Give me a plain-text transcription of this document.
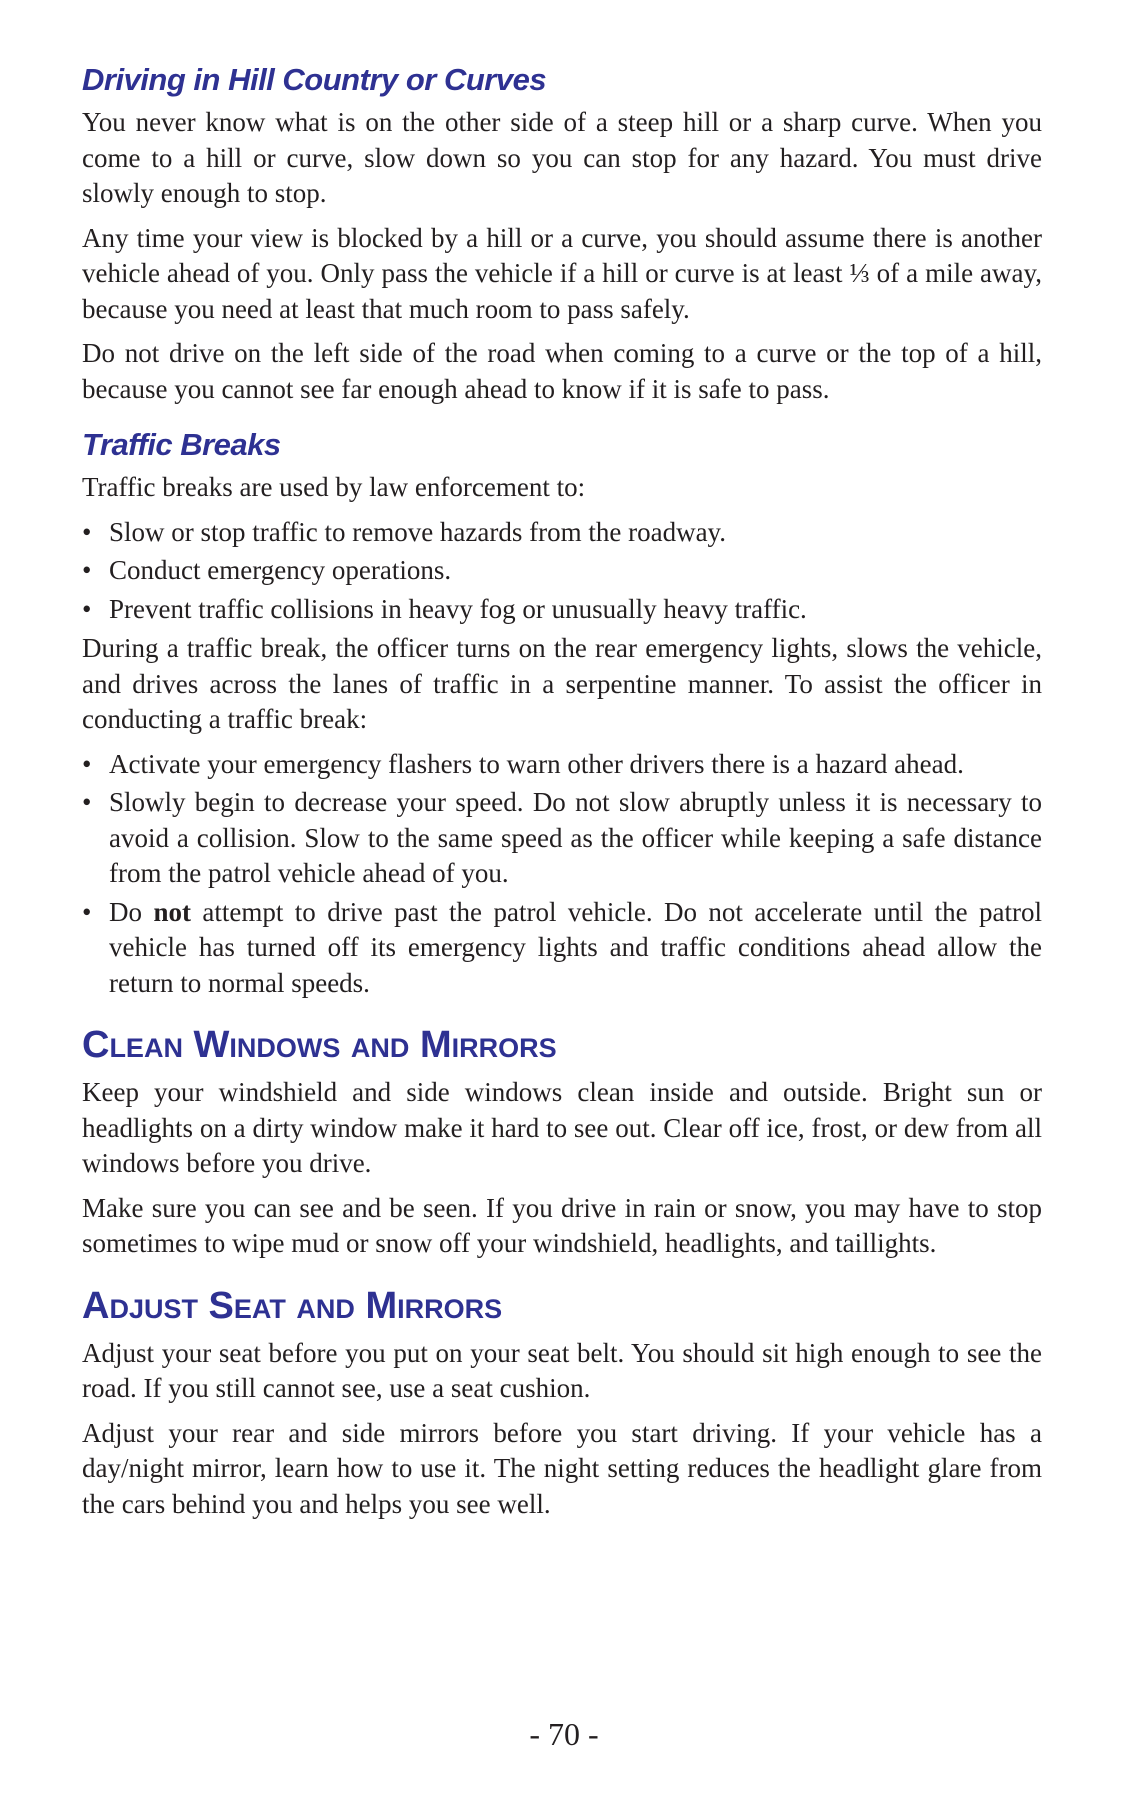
Driving in Hill Country or Curves

You never know what is on the other side of a steep hill or a sharp curve. When you come to a hill or curve, slow down so you can stop for any hazard. You must drive slowly enough to stop.

Any time your view is blocked by a hill or a curve, you should assume there is another vehicle ahead of you. Only pass the vehicle if a hill or curve is at least ⅓ of a mile away, because you need at least that much room to pass safely.

Do not drive on the left side of the road when coming to a curve or the top of a hill, because you cannot see far enough ahead to know if it is safe to pass.

Traffic Breaks

Traffic breaks are used by law enforcement to:

• Slow or stop traffic to remove hazards from the roadway.
• Conduct emergency operations.
• Prevent traffic collisions in heavy fog or unusually heavy traffic.

During a traffic break, the officer turns on the rear emergency lights, slows the vehicle, and drives across the lanes of traffic in a serpentine manner. To assist the officer in conducting a traffic break:

• Activate your emergency flashers to warn other drivers there is a hazard ahead.
• Slowly begin to decrease your speed. Do not slow abruptly unless it is necessary to avoid a collision. Slow to the same speed as the officer while keeping a safe distance from the patrol vehicle ahead of you.
• Do not attempt to drive past the patrol vehicle. Do not accelerate until the patrol vehicle has turned off its emergency lights and traffic conditions ahead allow the return to normal speeds.
Clean Windows and Mirrors

Keep your windshield and side windows clean inside and outside. Bright sun or headlights on a dirty window make it hard to see out. Clear off ice, frost, or dew from all windows before you drive.

Make sure you can see and be seen. If you drive in rain or snow, you may have to stop sometimes to wipe mud or snow off your windshield, headlights, and taillights.

Adjust Seat and Mirrors

Adjust your seat before you put on your seat belt. You should sit high enough to see the road. If you still cannot see, use a seat cushion.

Adjust your rear and side mirrors before you start driving. If your vehicle has a day/night mirror, learn how to use it. The night setting reduces the headlight glare from the cars behind you and helps you see well.

- 70 -
